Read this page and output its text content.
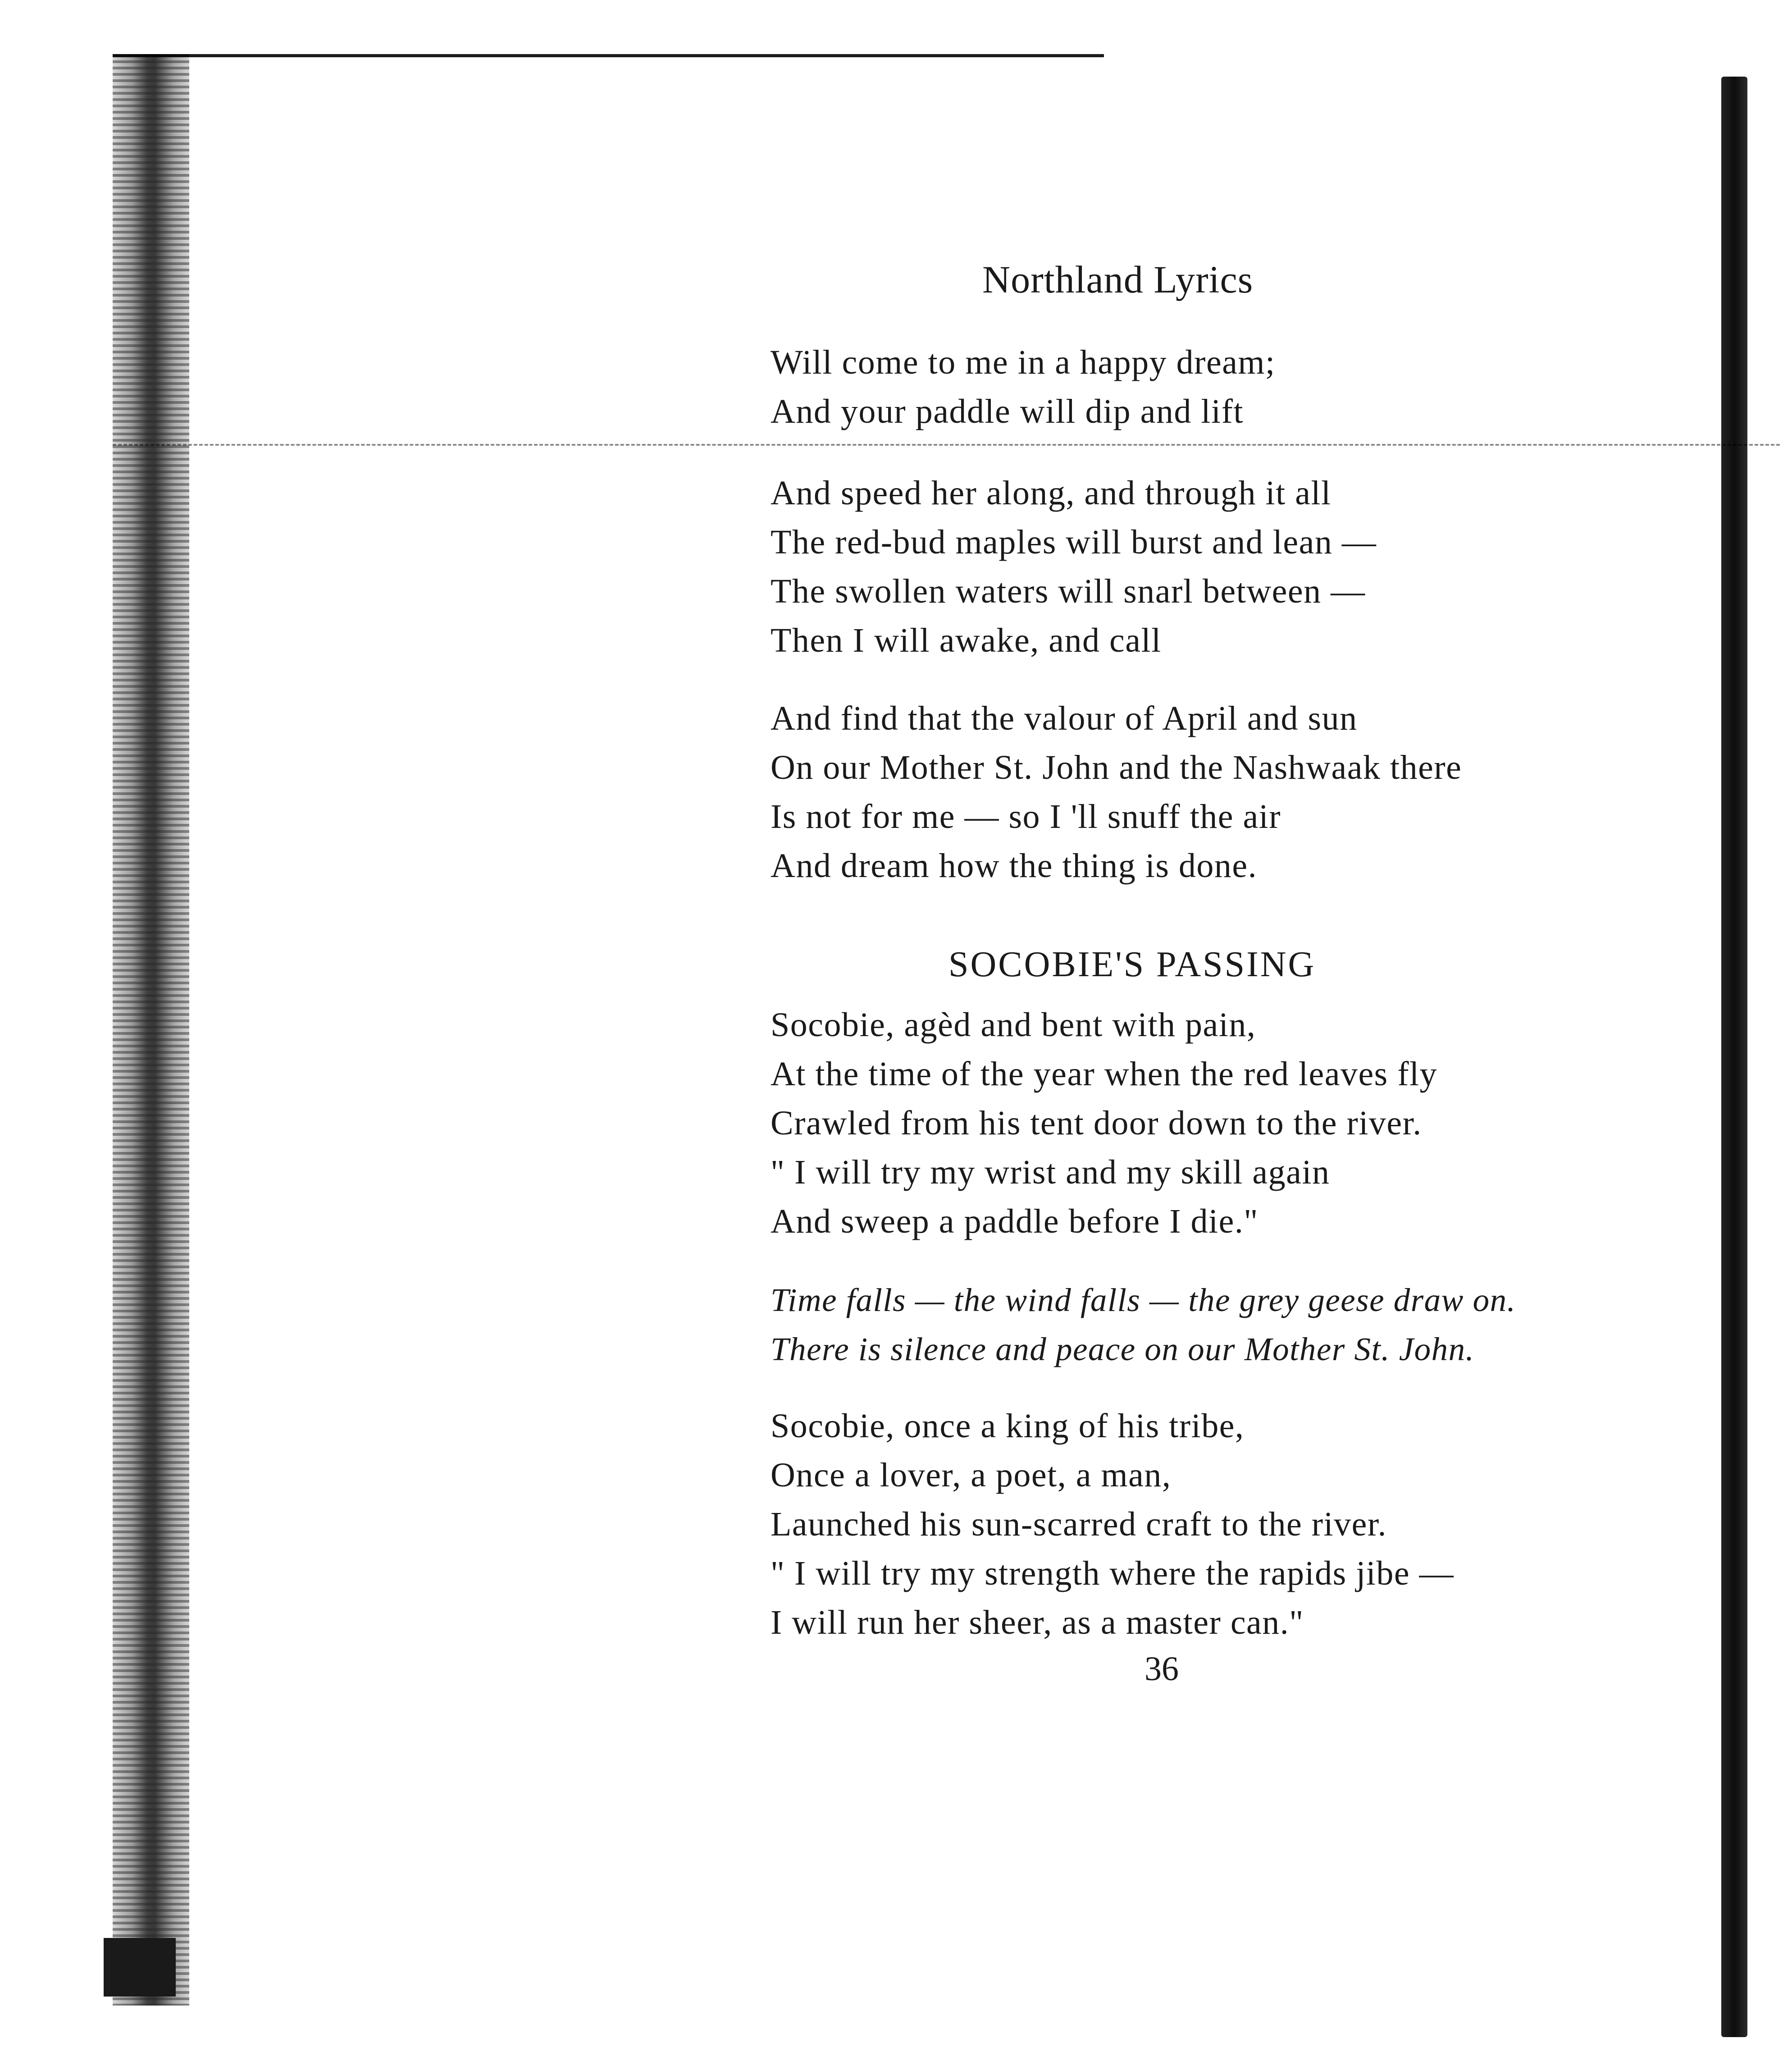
Northland Lyrics
Will come to me in a happy dream;
And your paddle will dip and lift
And speed her along, and through it all
The red-bud maples will burst and lean —
The swollen waters will snarl between —
Then I will awake, and call
And find that the valour of April and sun
On our Mother St. John and the Nashwaak there
Is not for me — so I 'll snuff the air
And dream how the thing is done.
SOCOBIE'S PASSING
Socobie, agèd and bent with pain,
At the time of the year when the red leaves fly
Crawled from his tent door down to the river.
" I will try my wrist and my skill again
And sweep a paddle before I die."
Time falls — the wind falls — the grey geese draw on.
There is silence and peace on our Mother St. John.
Socobie, once a king of his tribe,
Once a lover, a poet, a man,
Launched his sun-scarred craft to the river.
" I will try my strength where the rapids jibe —
I will run her sheer, as a master can."

36
